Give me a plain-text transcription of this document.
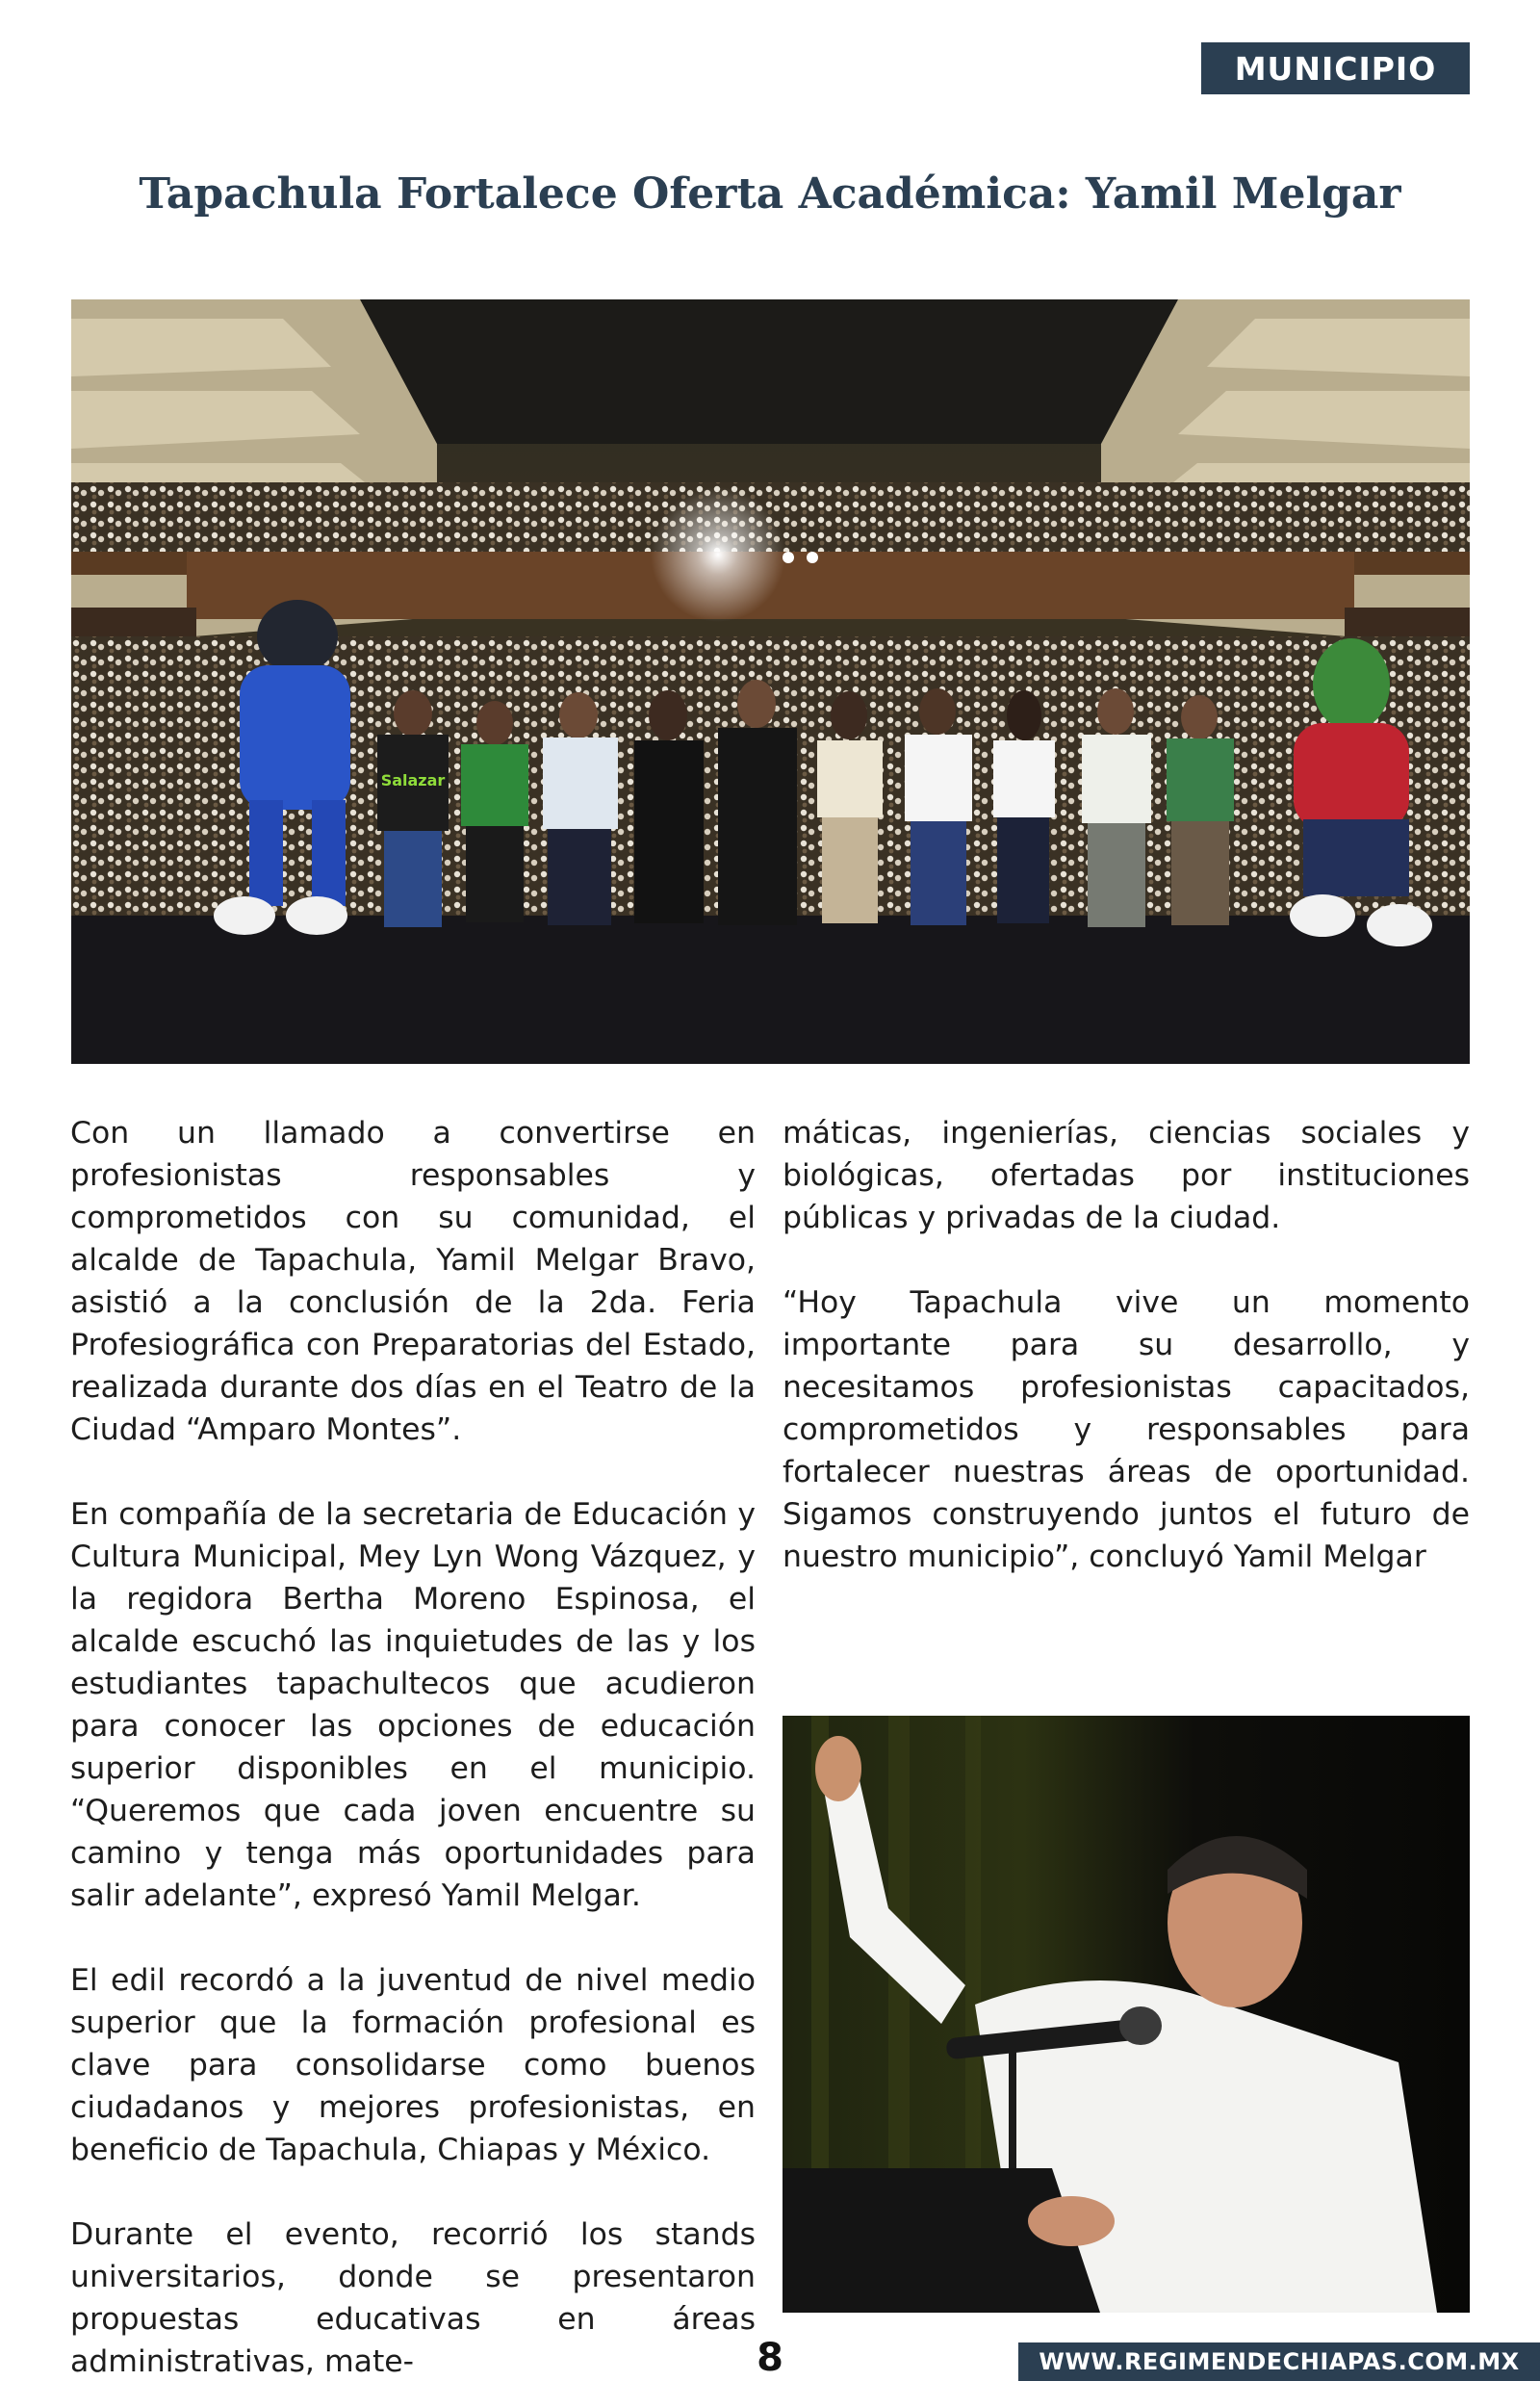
MUNICIPIO
Tapachula Fortalece Oferta Académica: Yamil Melgar
Salazar

Con un llamado a convertirse en profesionistas responsables y comprometidos con su comunidad, el alcalde de Tapachula, Yamil Melgar Bravo, asistió a la conclusión de la 2da. Feria Profesiográfica con Preparatorias del Estado, realizada durante dos días en el Teatro de la Ciudad “Amparo Montes”.

En compañía de la secretaria de Educación y Cultura Municipal, Mey Lyn Wong Vázquez, y la regidora Bertha Moreno Espinosa, el alcalde escuchó las inquietudes de las y los estudiantes tapachultecos que acudieron para conocer las opciones de educación superior disponibles en el municipio. “Queremos que cada joven encuentre su camino y tenga más oportunidades para salir adelante”, expresó Yamil Melgar.

El edil recordó a la juventud de nivel medio superior que la formación profesional es clave para consolidarse como buenos ciudadanos y mejores profesionistas, en beneficio de Tapachula, Chiapas y México.

Durante el evento, recorrió los stands universitarios, donde se presentaron propuestas educativas en áreas administrativas, mate-

máticas, ingenierías, ciencias sociales y biológicas, ofertadas por instituciones públicas y privadas de la ciudad.

“Hoy Tapachula vive un momento importante para su desarrollo, y necesitamos profesionistas capacitados, comprometidos y responsables para fortalecer nuestras áreas de oportunidad. Sigamos construyendo juntos el futuro de nuestro municipio”, concluyó Yamil Melgar

8	WWW.REGIMENDECHIAPAS.COM.MX
